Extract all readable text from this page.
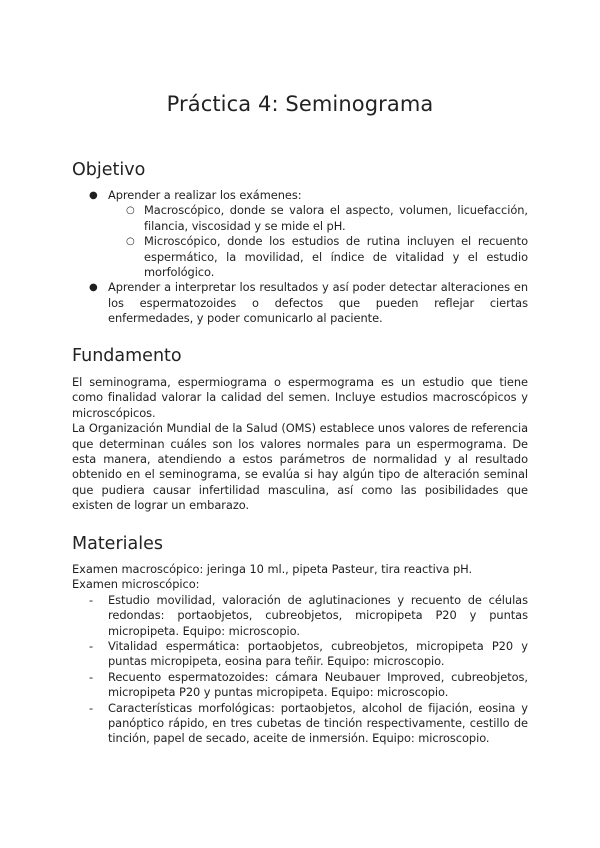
Práctica 4: Seminograma
Objetivo
● Aprender a realizar los exámenes:
○ Macroscópico, donde se valora el aspecto, volumen, licuefacción, filancia, viscosidad y se mide el pH.
○ Microscópico, donde los estudios de rutina incluyen el recuento espermático, la movilidad, el índice de vitalidad y el estudio morfológico.
● Aprender a interpretar los resultados y así poder detectar alteraciones en los espermatozoides o defectos que pueden reflejar ciertas enfermedades, y poder comunicarlo al paciente.
Fundamento

El seminograma, espermiograma o espermograma es un estudio que tiene como finalidad valorar la calidad del semen. Incluye estudios macroscópicos y microscópicos.

La Organización Mundial de la Salud (OMS) establece unos valores de referencia que determinan cuáles son los valores normales para un espermograma. De esta manera, atendiendo a estos parámetros de normalidad y al resultado obtenido en el seminograma, se evalúa si hay algún tipo de alteración seminal que pudiera causar infertilidad masculina, así como las posibilidades que existen de lograr un embarazo.

Materiales

Examen macroscópico: jeringa 10 ml., pipeta Pasteur, tira reactiva pH.

Examen microscópico:

- Estudio movilidad, valoración de aglutinaciones y recuento de células redondas: portaobjetos, cubreobjetos, micropipeta P20 y puntas micropipeta. Equipo: microscopio.
- Vitalidad espermática: portaobjetos, cubreobjetos, micropipeta P20 y puntas micropipeta, eosina para teñir. Equipo: microscopio.
- Recuento espermatozoides: cámara Neubauer Improved, cubreobjetos, micropipeta P20 y puntas micropipeta. Equipo: microscopio.
- Características morfológicas: portaobjetos, alcohol de fijación, eosina y panóptico rápido, en tres cubetas de tinción respectivamente, cestillo de tinción, papel de secado, aceite de inmersión. Equipo: microscopio.
